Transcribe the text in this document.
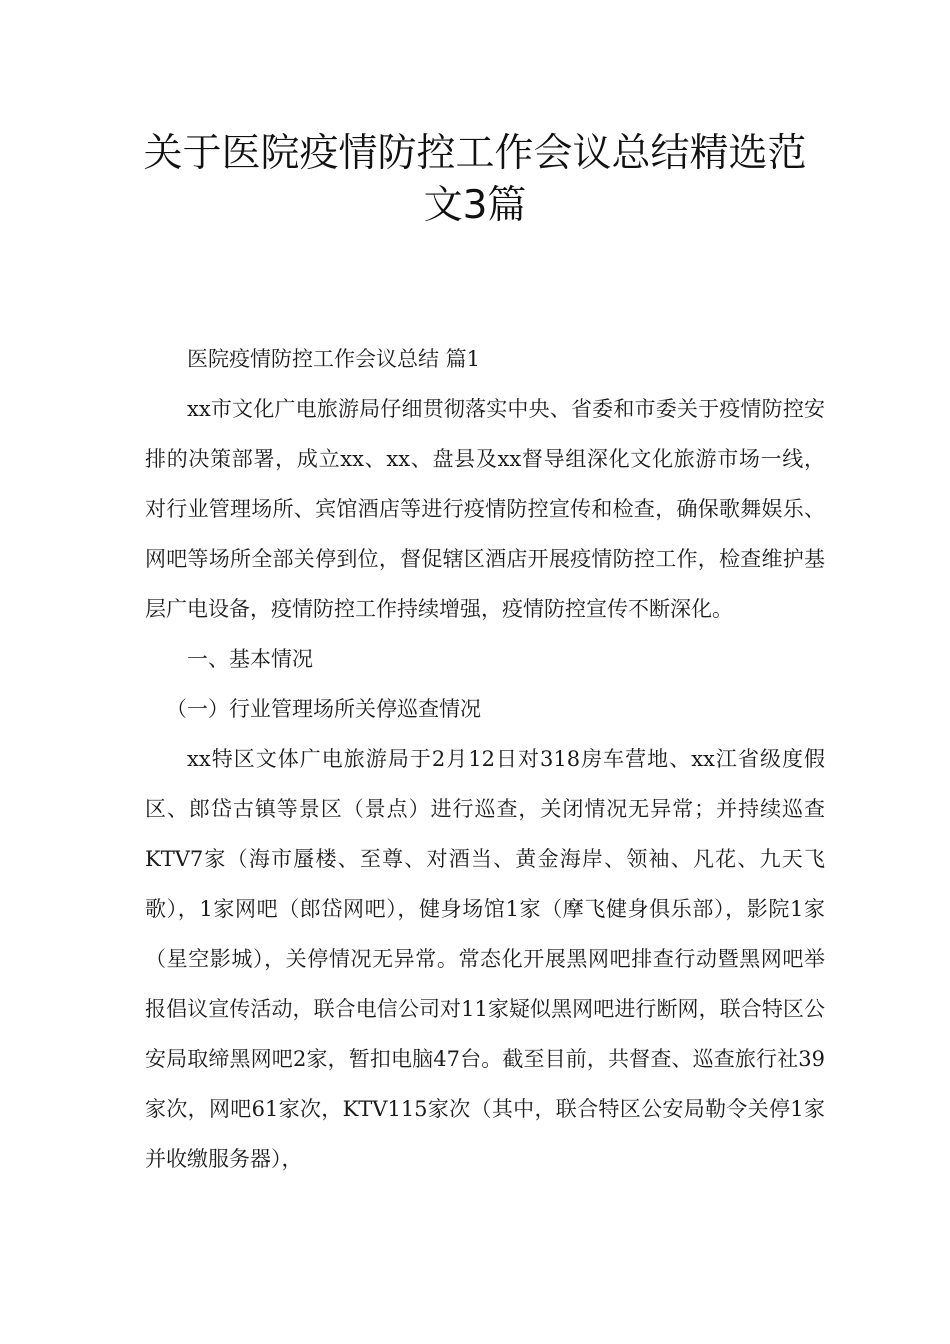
关于医院疫情防控工作会议总结精选范
文3篇

医院疫情防控工作会议总结 篇1

xx市文化广电旅游局仔细贯彻落实中央、省委和市委关于疫情防控安排的决策部署，成立xx、xx、盘县及xx督导组深化文化旅游市场一线，对行业管理场所、宾馆酒店等进行疫情防控宣传和检查，确保歌舞娱乐、网吧等场所全部关停到位，督促辖区酒店开展疫情防控工作，检查维护基层广电设备，疫情防控工作持续增强，疫情防控宣传不断深化。

一、基本情况

（一）行业管理场所关停巡查情况

xx特区文体广电旅游局于2月12日对318房车营地、xx江省级度假区、郎岱古镇等景区（景点）进行巡查，关闭情况无异常；并持续巡查KTV7家（海市蜃楼、至尊、对酒当、黄金海岸、领袖、凡花、九天飞歌），1家网吧（郎岱网吧），健身场馆1家（摩飞健身俱乐部），影院1家（星空影城），关停情况无异常。常态化开展黑网吧排查行动暨黑网吧举报倡议宣传活动，联合电信公司对11家疑似黑网吧进行断网，联合特区公安局取缔黑网吧2家，暂扣电脑47台。截至目前，共督查、巡查旅行社39家次，网吧61家次，KTV115家次（其中，联合特区公安局勒令关停1家并收缴服务器），
